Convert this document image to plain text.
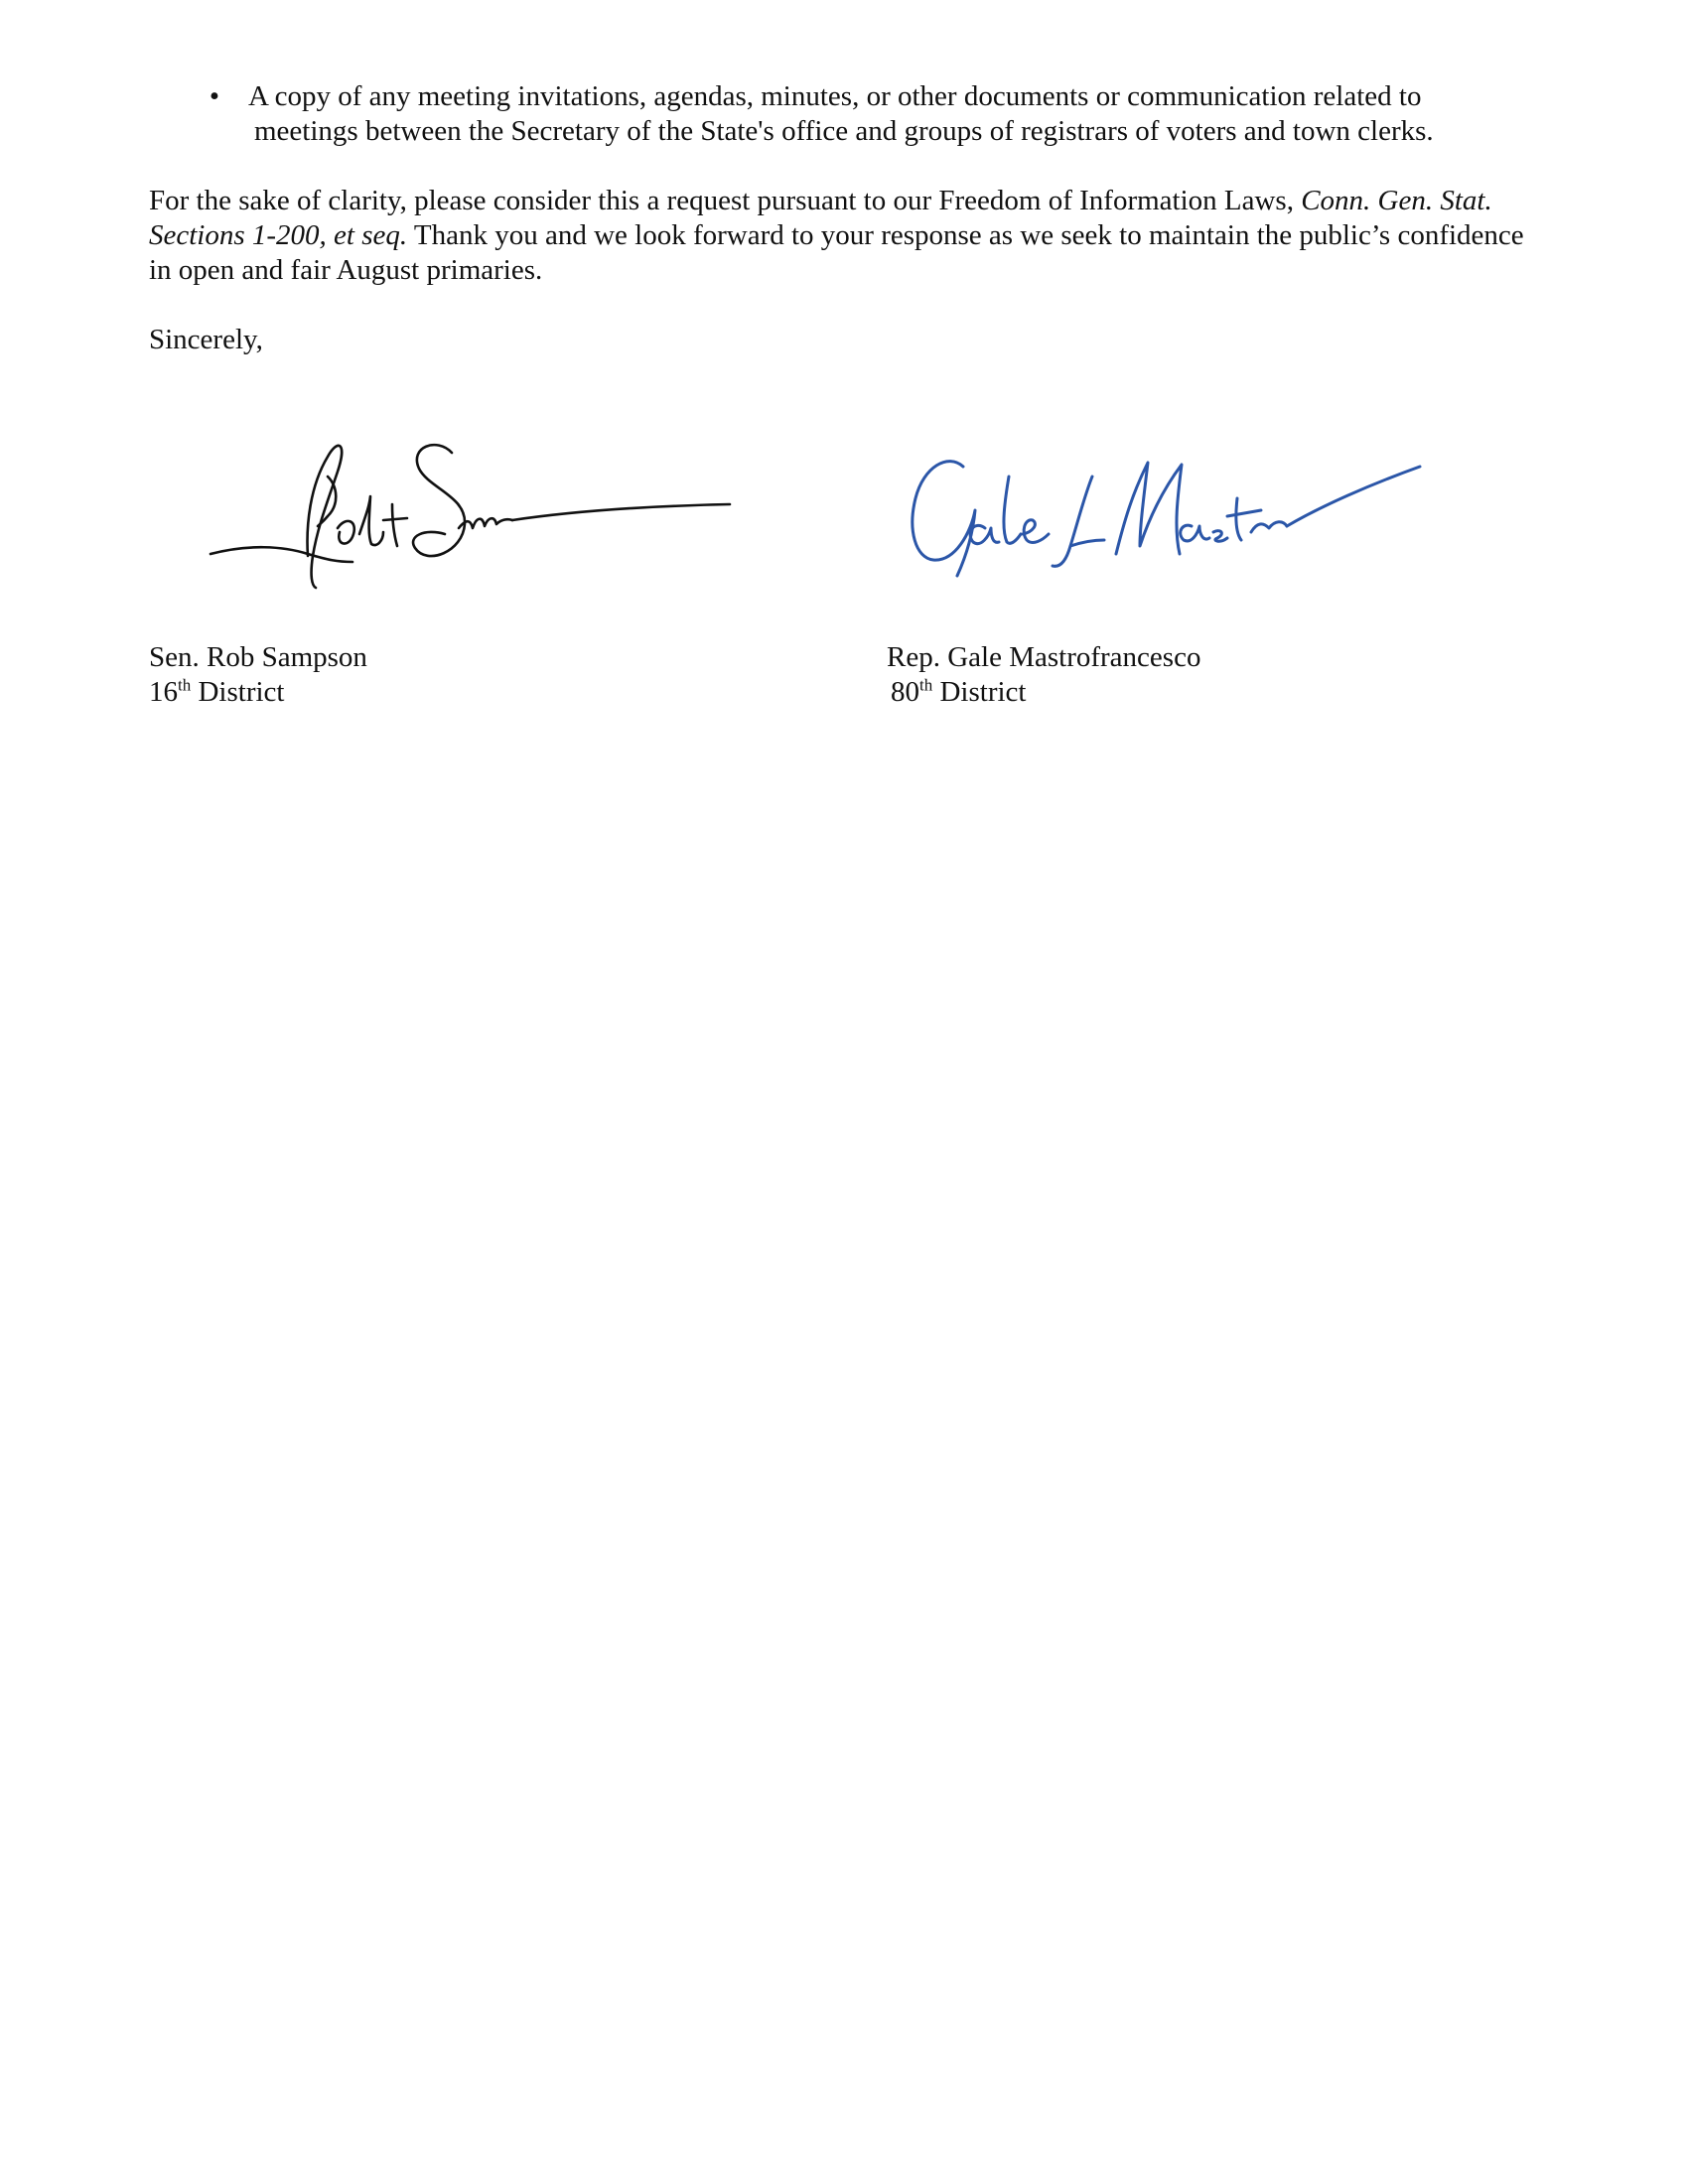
• A copy of any meeting invitations, agendas, minutes, or other documents or communication related to
meetings between the Secretary of the State's office and groups of registrars of voters and town clerks.

For the sake of clarity, please consider this a request pursuant to our Freedom of Information Laws, Conn. Gen. Stat. Sections 1-200, et seq. Thank you and we look forward to your response as we seek to maintain the public’s confidence in open and fair August primaries.

Sincerely,
Sen. Rob Sampson
16th District
Rep. Gale Mastrofrancesco
80th District
